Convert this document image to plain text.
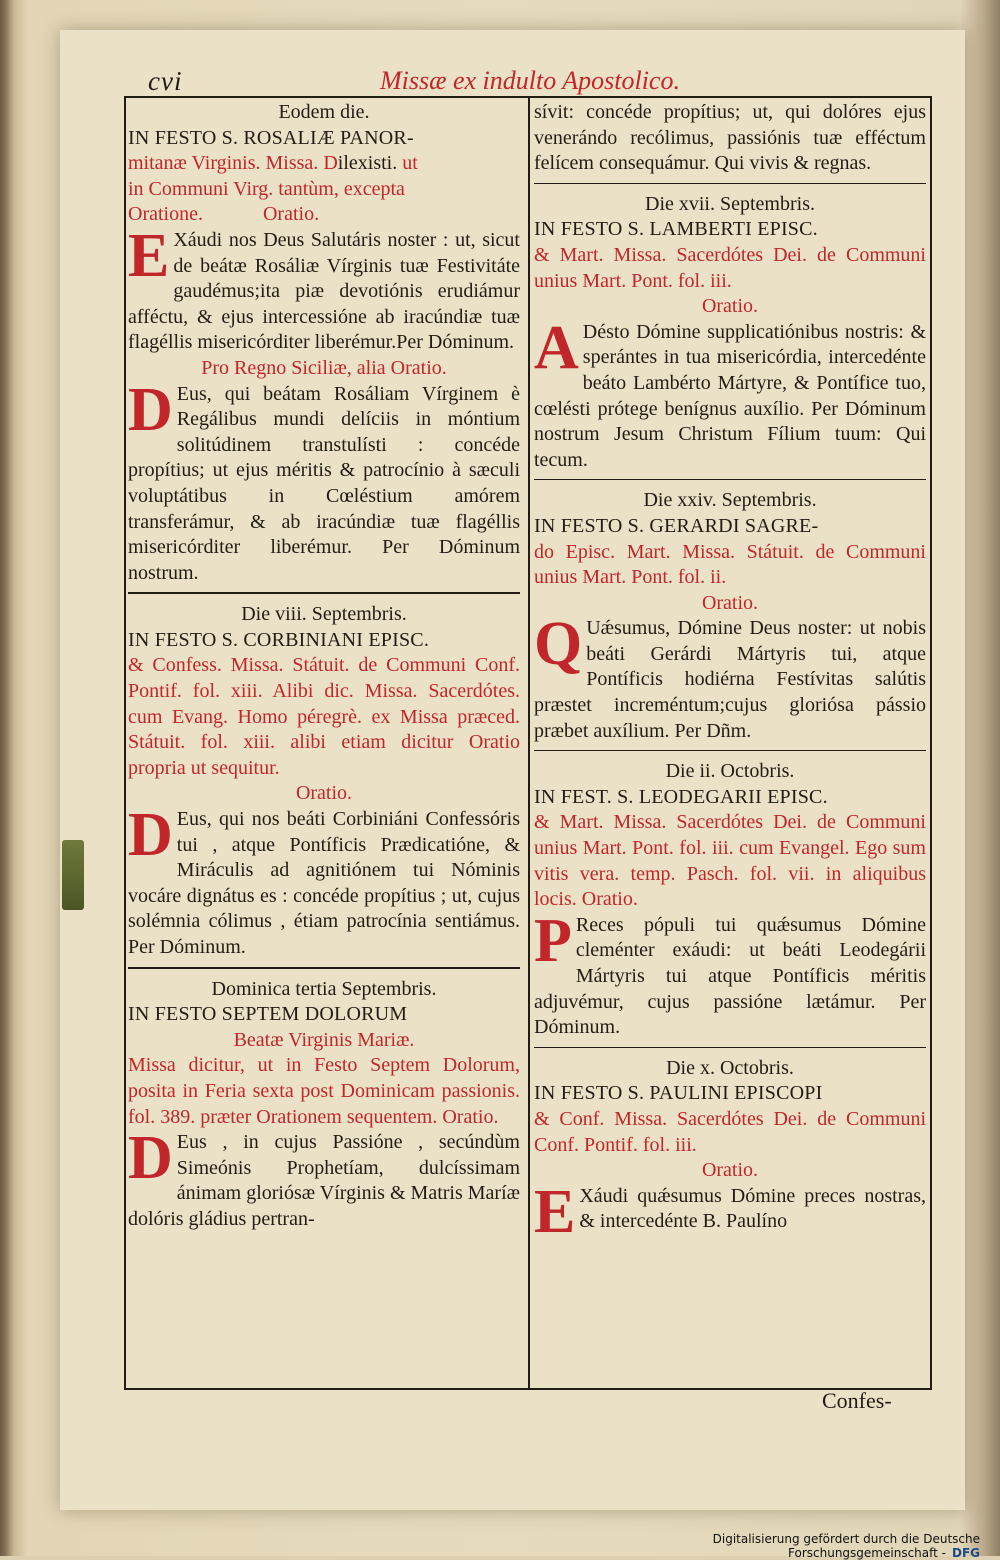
cvi	Missæ ex indulto Apostolico.
Eodem die.
IN FESTO S. ROSALIÆ PANOR-
mitanæ Virginis. Missa. Dilexisti. ut
in Communi Virg. tantùm, excepta
Oratione.            Oratio.
E Xáudi nos Deus Salutáris noster : ut, sicut de beátæ Rosáliæ Vírginis tuæ Festivitáte gaudémus;ita piæ devotiónis erudiámur afféctu, & ejus intercessióne ab iracúndiæ tuæ flagéllis misericórditer liberémur.Per Dóminum.
Pro Regno Siciliæ, alia Oratio.
D Eus, qui beátam Rosáliam Vírginem è Regálibus mundi delíciis in móntium solitúdinem transtulísti : concéde propítius; ut ejus méritis & patrocínio à sæculi voluptátibus in Cœléstium amórem transferámur, & ab iracúndiæ tuæ flagéllis misericórditer liberémur. Per Dóminum nostrum.
Die viii. Septembris.
IN FESTO S. CORBINIANI EPISC.
& Confess. Missa. Státuit. de Communi Conf. Pontif. fol. xiii. Alibi dic. Missa. Sacerdótes. cum Evang. Homo péregrè. ex Missa præced. Státuit. fol. xiii. alibi etiam dicitur Oratio propria ut sequitur.
Oratio.
D Eus, qui nos beáti Corbiniáni Confessóris tui , atque Pontíficis Prædicatióne, & Miráculis ad agnitiónem tui Nóminis vocáre dignátus es : concéde propítius ; ut, cujus solémnia cólimus , étiam patrocínia sentiámus. Per Dóminum.
Dominica tertia Septembris.
IN FESTO SEPTEM DOLORUM
Beatæ Virginis Mariæ.
Missa dicitur, ut in Festo Septem Dolorum, posita in Feria sexta post Dominicam passionis. fol. 389. præter Orationem sequentem. Oratio.
D Eus , in cujus Passióne , secúndùm Simeónis Prophetíam, dulcíssimam ánimam gloriósæ Vírginis & Matris Maríæ dolóris gládius pertran-
sívit: concéde propítius; ut, qui dolóres ejus venerándo recólimus, passiónis tuæ efféctum felícem consequámur. Qui vivis & regnas.
Die xvii. Septembris.
IN FESTO S. LAMBERTI EPISC.
& Mart. Missa. Sacerdótes Dei. de Communi unius Mart. Pont. fol. iii.
Oratio.
A Désto Dómine supplicatiónibus nostris: & sperántes in tua misericórdia, intercedénte beáto Lambérto Mártyre, & Pontífice tuo, cœlésti prótege benígnus auxílio. Per Dóminum nostrum Jesum Christum Fílium tuum: Qui tecum.
Die xxiv. Septembris.
IN FESTO S. GERARDI SAGRE-
do Episc. Mart. Missa. Státuit. de Communi unius Mart. Pont. fol. ii.
Oratio.
Q Uǽsumus, Dómine Deus noster: ut nobis beáti Gerárdi Mártyris tui, atque Pontíficis hodiérna Festívitas salútis præstet increméntum;cujus gloriósa pássio præbet auxílium. Per Dñm.
Die ii. Octobris.
IN FEST. S. LEODEGARII EPISC.
& Mart. Missa. Sacerdótes Dei. de Communi unius Mart. Pont. fol. iii. cum Evangel. Ego sum vitis vera. temp. Pasch. fol. vii. in aliquibus locis. Oratio.
P Reces pópuli tui quǽsumus Dómine cleménter exáudi: ut beáti Leodegárii Mártyris tui atque Pontíficis méritis adjuvémur, cujus passióne lætámur. Per Dóminum.
Die x. Octobris.
IN FESTO S. PAULINI EPISCOPI
& Conf. Missa. Sacerdótes Dei. de Communi Conf. Pontif. fol. iii.
Oratio.
E Xáudi quǽsumus Dómine preces nostras, & intercedénte B. Paulíno
Confes-
Digitalisierung gefördert durch die Deutsche Forschungsgemeinschaft - DFG
